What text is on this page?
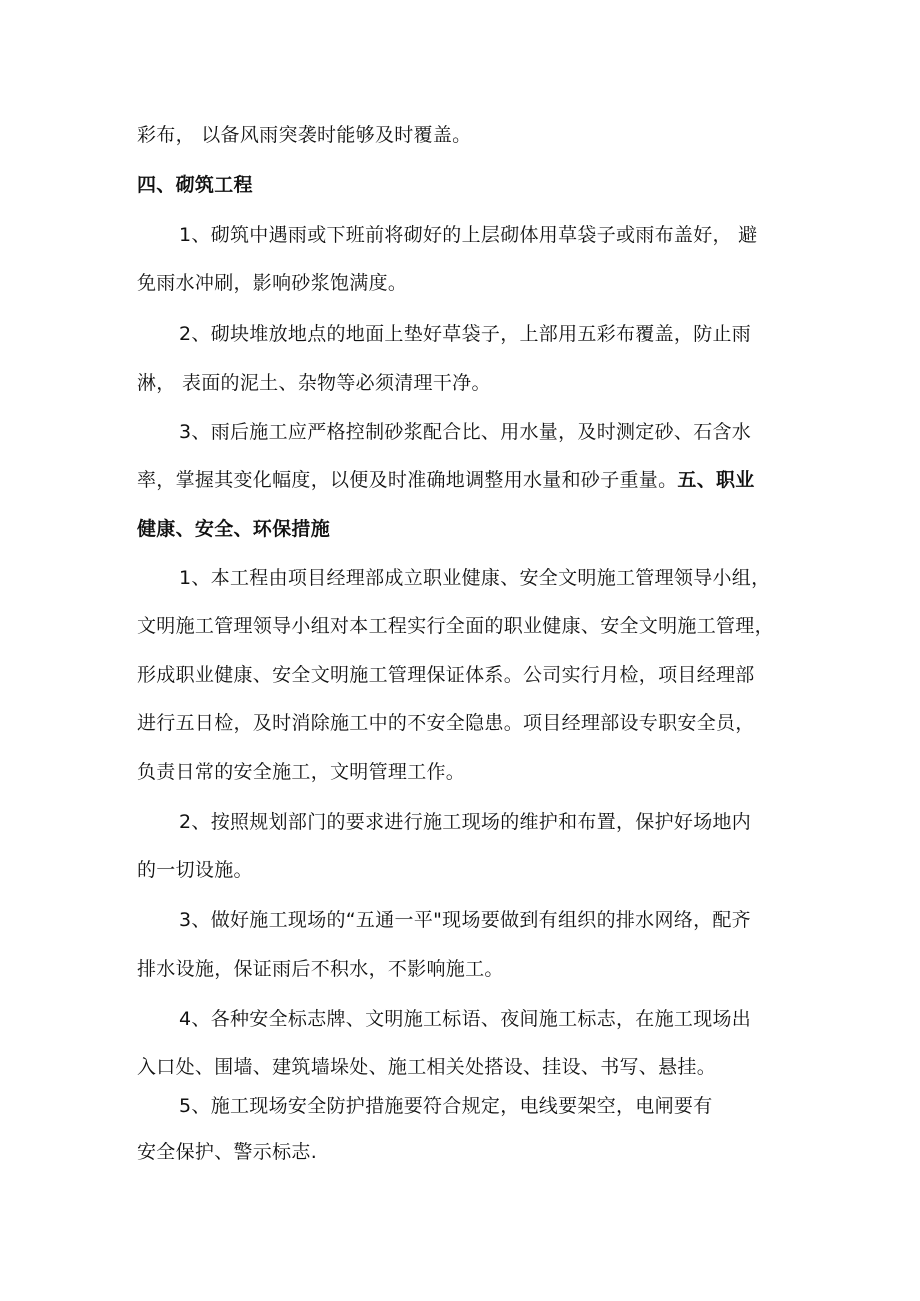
彩布， 以备风雨突袭时能够及时覆盖。
四、砌筑工程
1、砌筑中遇雨或下班前将砌好的上层砌体用草袋子或雨布盖好， 避
免雨水冲刷，影响砂浆饱满度。
2、砌块堆放地点的地面上垫好草袋子，上部用五彩布覆盖，防止雨
淋， 表面的泥土、杂物等必须清理干净。
3、雨后施工应严格控制砂浆配合比、用水量，及时测定砂、石含水
率，掌握其变化幅度，以便及时准确地调整用水量和砂子重量。五、职业
健康、安全、环保措施
1、本工程由项目经理部成立职业健康、安全文明施工管理领导小组，
文明施工管理领导小组对本工程实行全面的职业健康、安全文明施工管理，
形成职业健康、安全文明施工管理保证体系。公司实行月检，项目经理部
进行五日检，及时消除施工中的不安全隐患。项目经理部设专职安全员，
负责日常的安全施工，文明管理工作。
2、按照规划部门的要求进行施工现场的维护和布置，保护好场地内
的一切设施。
3、做好施工现场的“五通一平"现场要做到有组织的排水网络，配齐
排水设施，保证雨后不积水，不影响施工。
4、各种安全标志牌、文明施工标语、夜间施工标志，在施工现场出
入口处、围墙、建筑墙垛处、施工相关处搭设、挂设、书写、悬挂。
5、施工现场安全防护措施要符合规定，电线要架空，电闸要有
安全保护、警示标志.
